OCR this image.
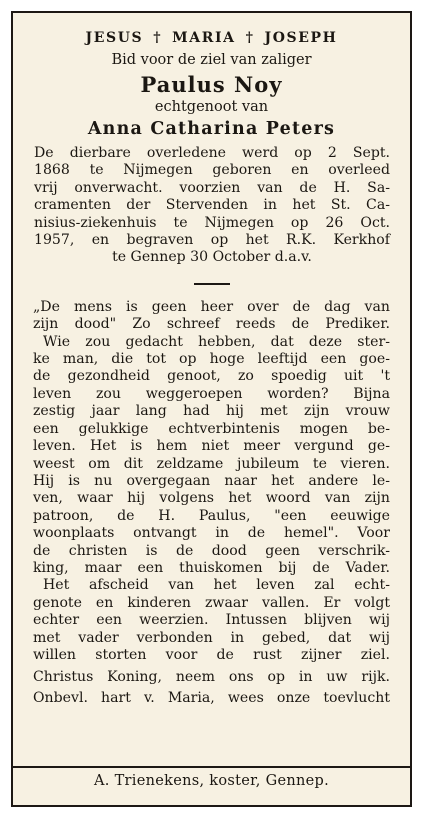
JESUS † MARIA † JOSEPH

Bid voor de ziel van zaliger

Paulus Noy

echtgenoot van

Anna Catharina Peters

De dierbare overledene werd op 2 Sept.
1868 te Nijmegen geboren en overleed
vrij onverwacht. voorzien van de H. Sa-
cramenten der Stervenden in het St. Ca-
nisius-ziekenhuis te Nijmegen op 26 Oct.
1957, en begraven op het R.K. Kerkhof
te Gennep 30 October d.a.v.
„De mens is geen heer over de dag van
zijn dood" Zo schreef reeds de Prediker.
Wie zou gedacht hebben, dat deze ster-
ke man, die tot op hoge leeftijd een goe-
de gezondheid genoot, zo spoedig uit 't
leven zou weggeroepen worden? Bijna
zestig jaar lang had hij met zijn vrouw
een gelukkige echtverbintenis mogen be-
leven. Het is hem niet meer vergund ge-
weest om dit zeldzame jubileum te vieren.
Hij is nu overgegaan naar het andere le-
ven, waar hij volgens het woord van zijn
patroon, de H. Paulus, "een eeuwige
woonplaats ontvangt in de hemel". Voor
de christen is de dood geen verschrik-
king, maar een thuiskomen bij de Vader.
Het afscheid van het leven zal echt-
genote en kinderen zwaar vallen. Er volgt
echter een weerzien. Intussen blijven wij
met vader verbonden in gebed, dat wij
willen storten voor de rust zijner ziel.
Christus Koning, neem ons op in uw rijk.
Onbevl. hart v. Maria, wees onze toevlucht
A. Trienekens, koster, Gennep.
